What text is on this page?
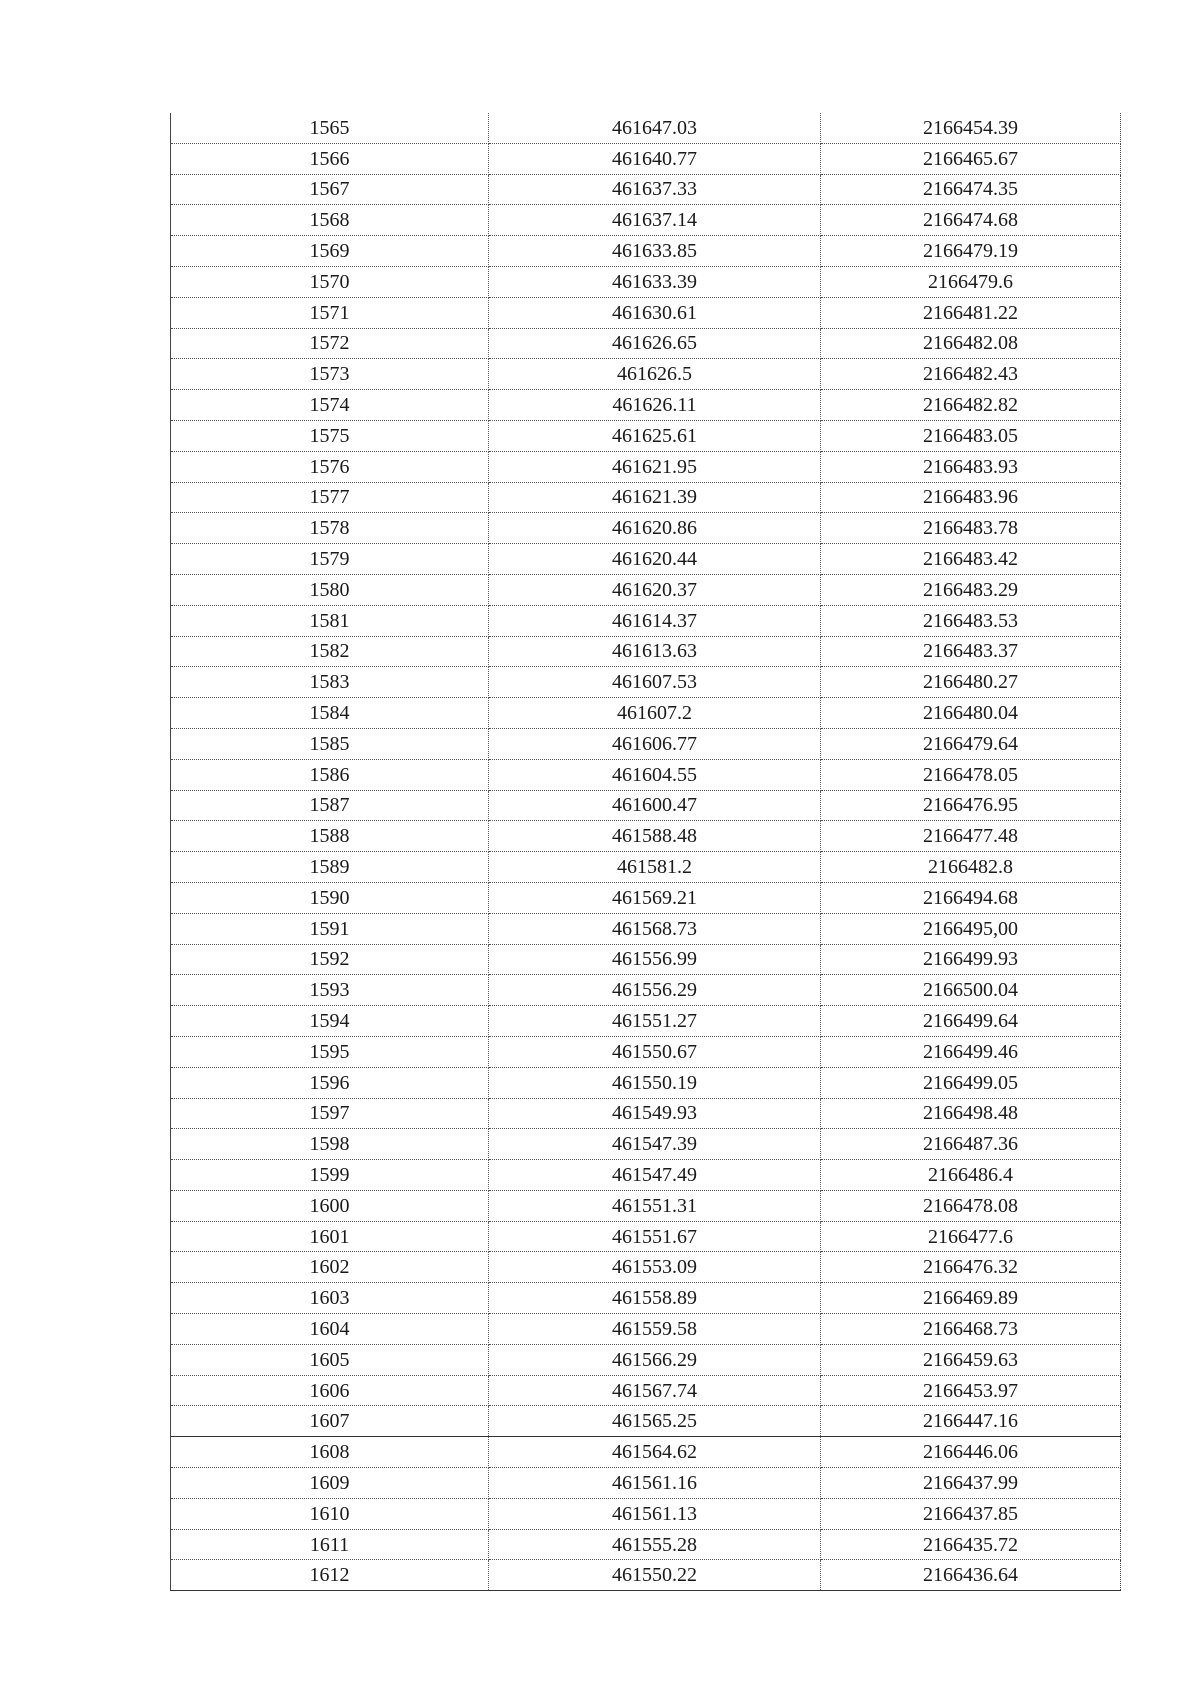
1565	461647.03	2166454.39
1566	461640.77	2166465.67
1567	461637.33	2166474.35
1568	461637.14	2166474.68
1569	461633.85	2166479.19
1570	461633.39	2166479.6
1571	461630.61	2166481.22
1572	461626.65	2166482.08
1573	461626.5	2166482.43
1574	461626.11	2166482.82
1575	461625.61	2166483.05
1576	461621.95	2166483.93
1577	461621.39	2166483.96
1578	461620.86	2166483.78
1579	461620.44	2166483.42
1580	461620.37	2166483.29
1581	461614.37	2166483.53
1582	461613.63	2166483.37
1583	461607.53	2166480.27
1584	461607.2	2166480.04
1585	461606.77	2166479.64
1586	461604.55	2166478.05
1587	461600.47	2166476.95
1588	461588.48	2166477.48
1589	461581.2	2166482.8
1590	461569.21	2166494.68
1591	461568.73	2166495,00
1592	461556.99	2166499.93
1593	461556.29	2166500.04
1594	461551.27	2166499.64
1595	461550.67	2166499.46
1596	461550.19	2166499.05
1597	461549.93	2166498.48
1598	461547.39	2166487.36
1599	461547.49	2166486.4
1600	461551.31	2166478.08
1601	461551.67	2166477.6
1602	461553.09	2166476.32
1603	461558.89	2166469.89
1604	461559.58	2166468.73
1605	461566.29	2166459.63
1606	461567.74	2166453.97
1607	461565.25	2166447.16
1608	461564.62	2166446.06
1609	461561.16	2166437.99
1610	461561.13	2166437.85
1611	461555.28	2166435.72
1612	461550.22	2166436.64
